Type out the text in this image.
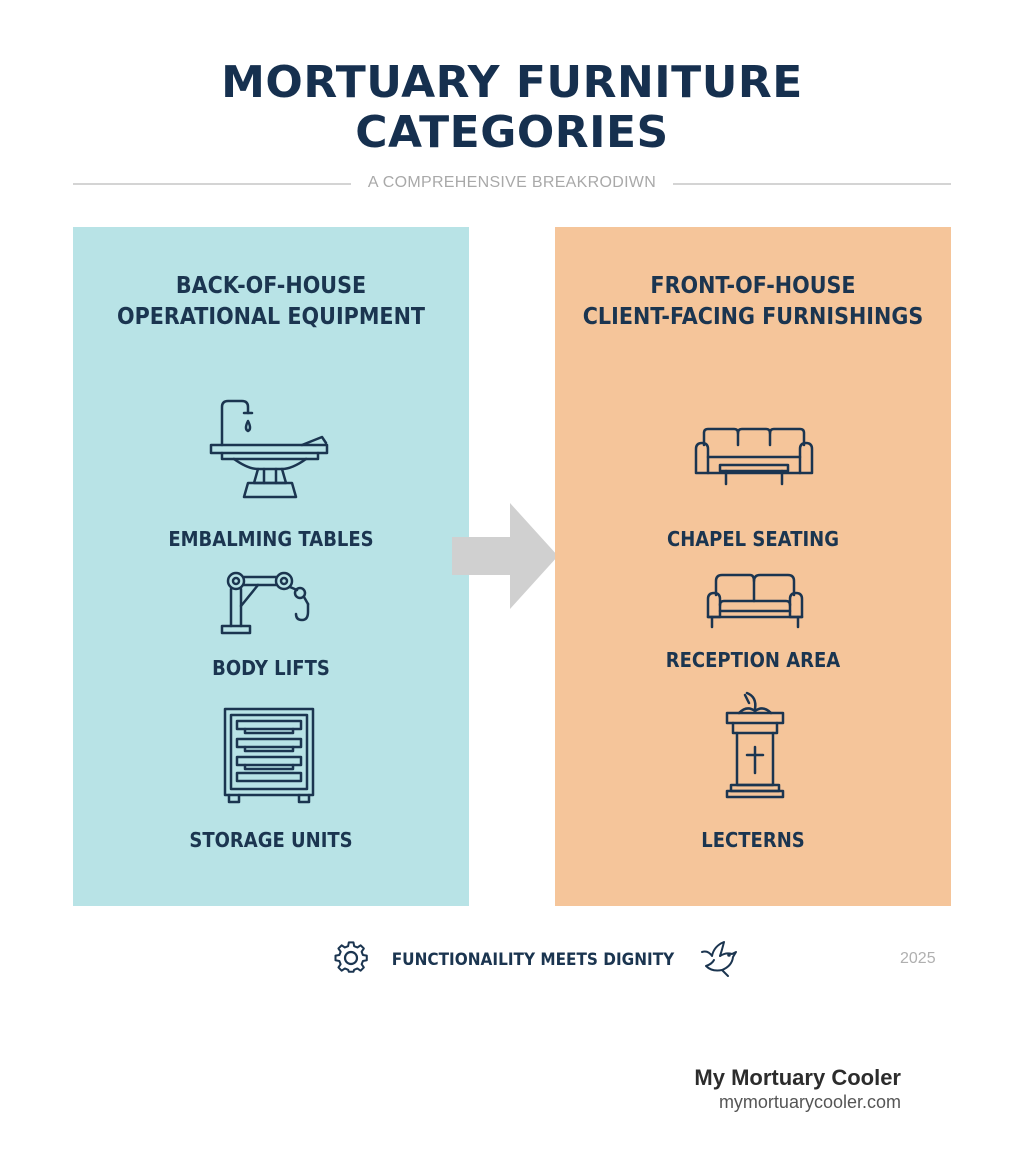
MORTUARY FURNITURE
CATEGORIES
A COMPREHENSIVE BREAKRODIWN
BACK-OF-HOUSE
OPERATIONAL EQUIPMENT
EMBALMING TABLES
BODY LIFTS
STORAGE UNITS
FRONT-OF-HOUSE
CLIENT-FACING FURNISHINGS
CHAPEL SEATING
RECEPTION AREA
LECTERNS
FUNCTIONAILITY MEETS DIGNITY	2025
My Mortuary Cooler
mymortuarycooler.com
